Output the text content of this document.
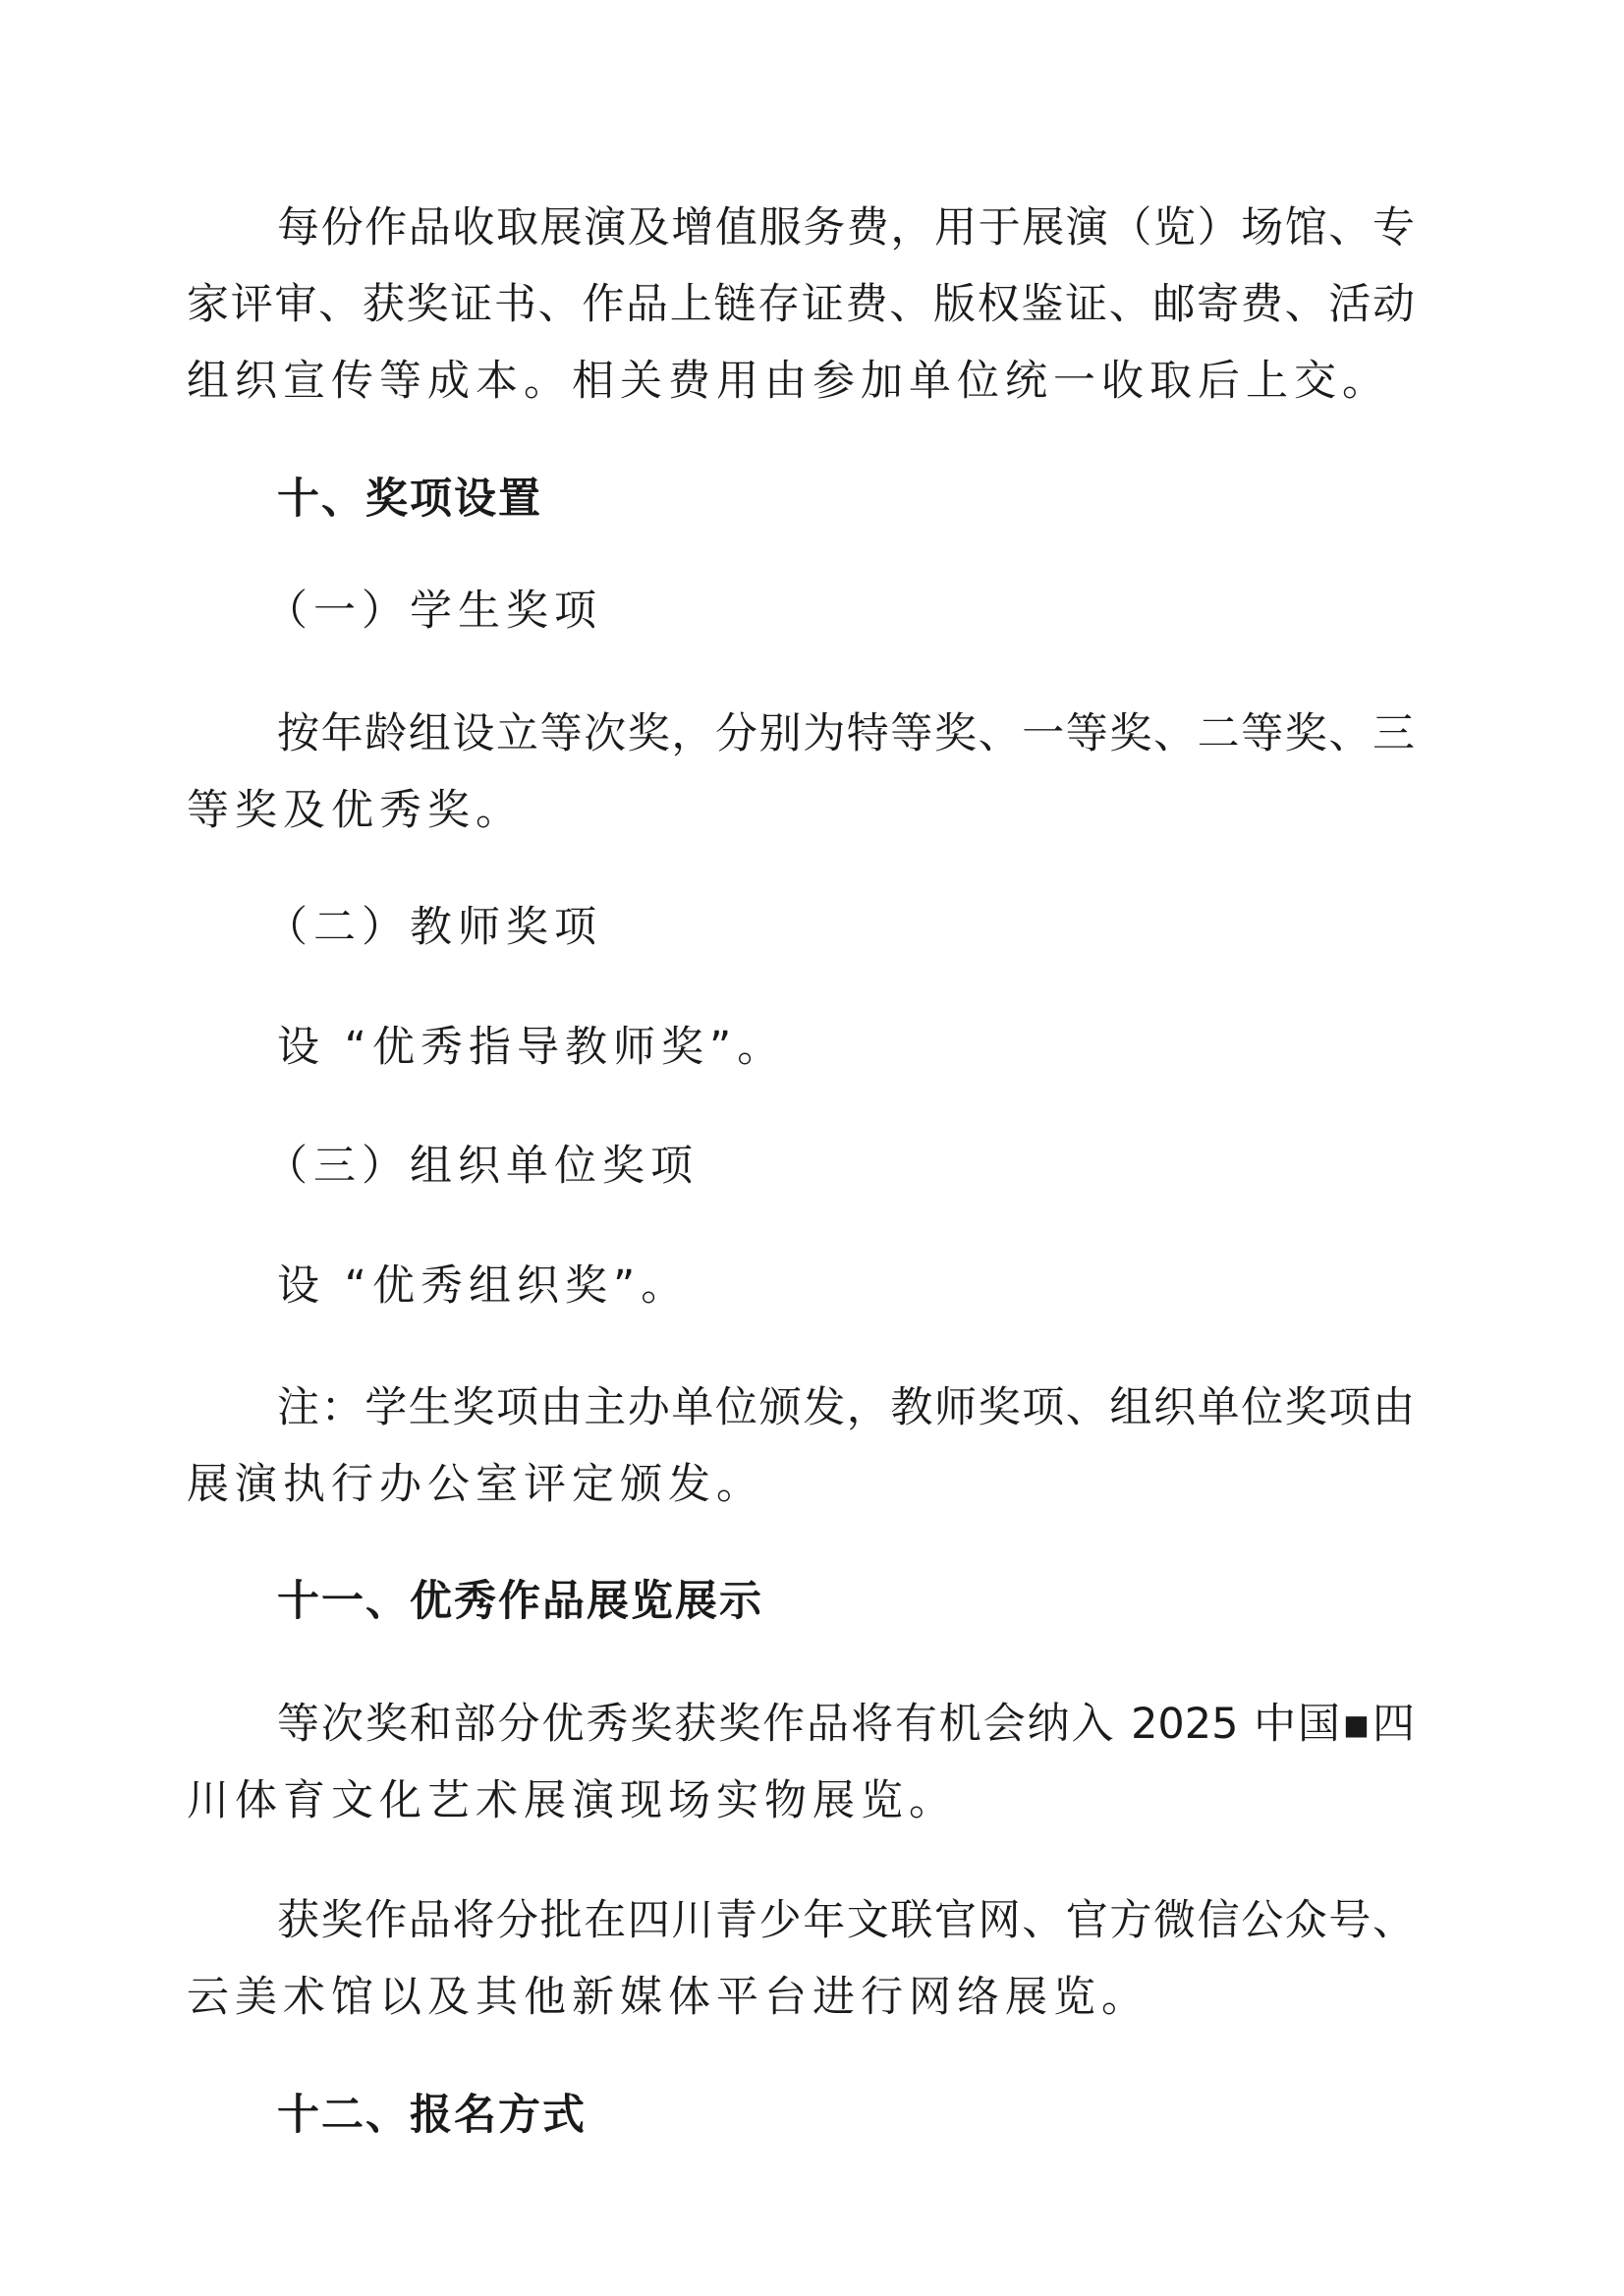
每份作品收取展演及增值服务费，用于展演（览）场馆、专
家评审、获奖证书、作品上链存证费、版权鉴证、邮寄费、活动
组织宣传等成本。相关费用由参加单位统一收取后上交。
十、奖项设置
（一）学生奖项
按年龄组设立等次奖，分别为特等奖、一等奖、二等奖、三
等奖及优秀奖。
（二）教师奖项
设 “优秀指导教师奖”。
（三）组织单位奖项
设 “优秀组织奖”。
注：学生奖项由主办单位颁发，教师奖项、组织单位奖项由
展演执行办公室评定颁发。
十一、优秀作品展览展示
等次奖和部分优秀奖获奖作品将有机会纳入 2025 中国▪四
川体育文化艺术展演现场实物展览。
获奖作品将分批在四川青少年文联官网、官方微信公众号、
云美术馆以及其他新媒体平台进行网络展览。
十二、报名方式
